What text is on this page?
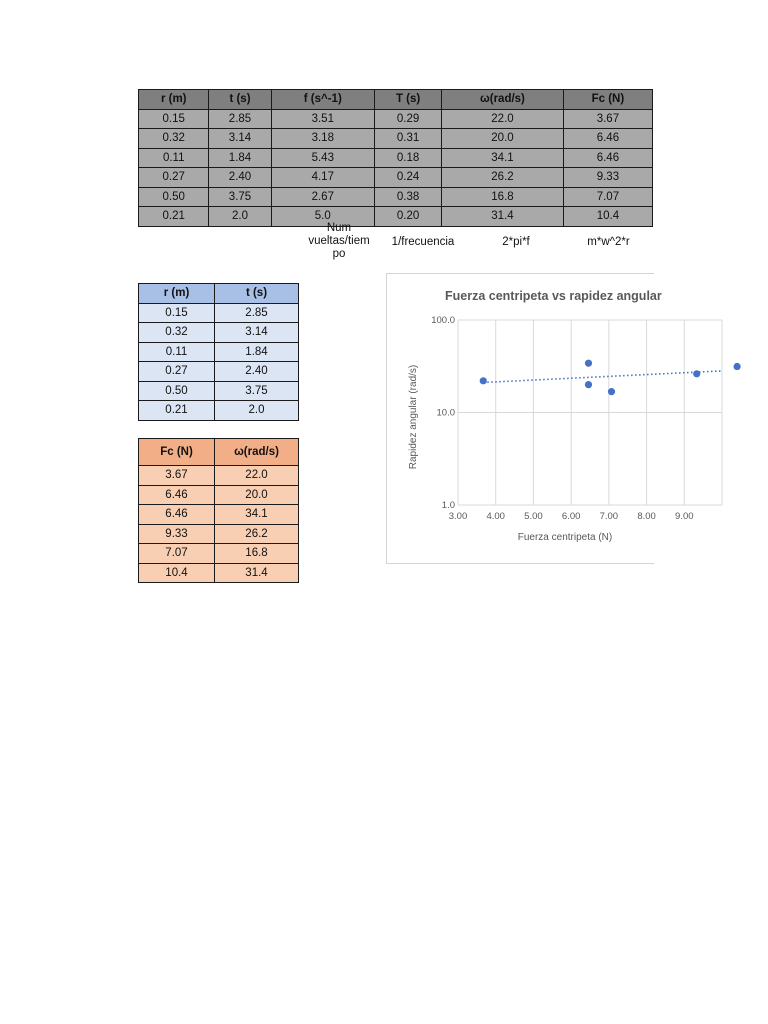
r (m)	t (s)	f (s^-1)	T (s)	ω(rad/s)	Fc (N)
0.15	2.85	3.51	0.29	22.0	3.67
0.32	3.14	3.18	0.31	20.0	6.46
0.11	1.84	5.43	0.18	34.1	6.46
0.27	2.40	4.17	0.24	26.2	9.33
0.50	3.75	2.67	0.38	16.8	7.07
0.21	2.0	5.0	0.20	31.4	10.4
Num
vueltas/tiem
po
1/frecuencia	2*pi*f	m*w^2*r
r (m)	t (s)
0.15	2.85
0.32	3.14
0.11	1.84
0.27	2.40
0.50	3.75
0.21	2.0
Fc (N)	ω(rad/s)
3.67	22.0
6.46	20.0
6.46	34.1
9.33	26.2
7.07	16.8
10.4	31.4
3.00 4.00 5.00 6.00 7.00 8.00 9.00
100.0
10.0
1.0
Fuerza centripeta vs rapidez angular
Fuerza centripeta (N)
Rapidez angular (rad/s)
